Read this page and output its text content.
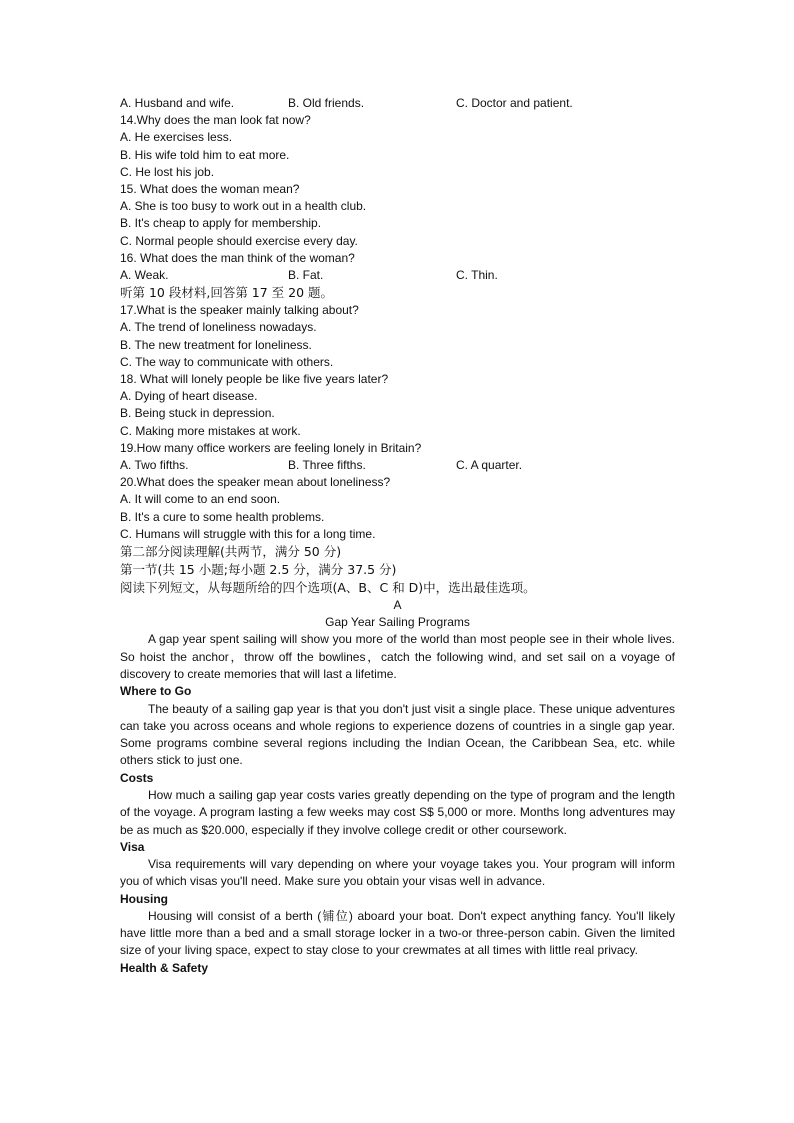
A. Husband and wife.	B. Old friends.	C. Doctor and patient.
14.Why does the man look fat now?
A. He exercises less.
B. His wife told him to eat more.
C. He lost his job.
15. What does the woman mean?
A. She is too busy to work out in a health club.
B. It's cheap to apply for membership.
C. Normal people should exercise every day.
16. What does the man think of the woman?
A. Weak.	B. Fat.	C. Thin.
听第 10 段材料,回答第 17 至 20 题。
17.What is the speaker mainly talking about?
A. The trend of loneliness nowadays.
B. The new treatment for loneliness.
C. The way to communicate with others.
18. What will lonely people be like five years later?
A. Dying of heart disease.
B. Being stuck in depression.
C. Making more mistakes at work.
19.How many office workers are feeling lonely in Britain?
A. Two fifths.	B. Three fifths.	C. A quarter.
20.What does the speaker mean about loneliness?
A. It will come to an end soon.
B. It's a cure to some health problems.
C. Humans will struggle with this for a long time.
第二部分阅读理解(共两节，满分 50 分)
第一节(共 15 小题;每小题 2.5 分，满分 37.5 分)
阅读下列短文，从每题所给的四个选项(A、B、C 和 D)中，选出最佳选项。
A
Gap Year Sailing Programs

A gap year spent sailing will show you more of the world than most people see in their whole lives. So hoist the anchor，throw off the bowlines，catch the following wind, and set sail on a voyage of discovery to create memories that will last a lifetime.

Where to Go

The beauty of a sailing gap year is that you don't just visit a single place. These unique adventures can take you across oceans and whole regions to experience dozens of countries in a single gap year. Some programs combine several regions including the Indian Ocean, the Caribbean Sea, etc. while others stick to just one.

Costs

How much a sailing gap year costs varies greatly depending on the type of program and the length of the voyage. A program lasting a few weeks may cost S$ 5,000 or more. Months long adventures may be as much as $20.000, especially if they involve college credit or other coursework.

Visa

Visa requirements will vary depending on where your voyage takes you. Your program will inform you of which visas you'll need. Make sure you obtain your visas well in advance.

Housing

Housing will consist of a berth (铺位) aboard your boat. Don't expect anything fancy. You'll likely have little more than a bed and a small storage locker in a two-or three-person cabin. Given the limited size of your living space, expect to stay close to your crewmates at all times with little real privacy.

Health & Safety
